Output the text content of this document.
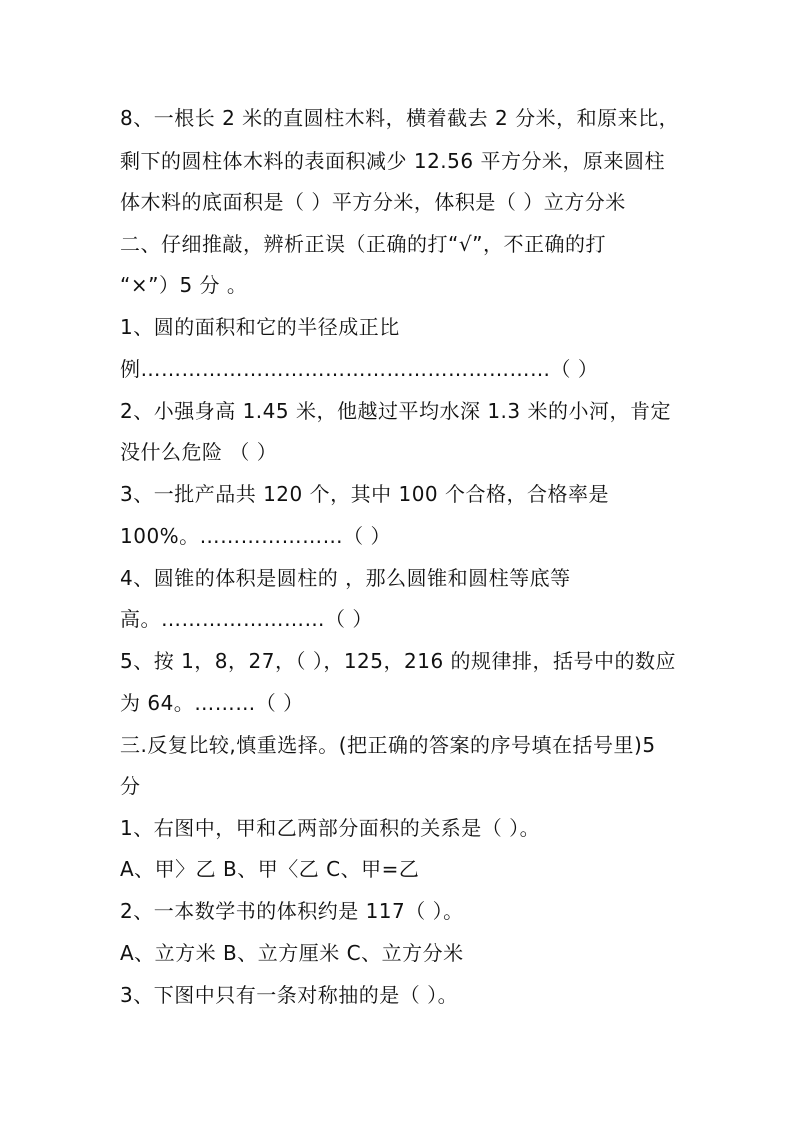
8、一根长 2 米的直圆柱木料，横着截去 2 分米，和原来比，
剩下的圆柱体木料的表面积减少 12.56 平方分米，原来圆柱
体木料的底面积是（ ）平方分米，体积是（ ）立方分米
二、仔细推敲，辨析正误（正确的打“√”，不正确的打
“×”）5 分 。
1、圆的面积和它的半径成正比
例……………………………………………………（ ）
2、小强身高 1.45 米，他越过平均水深 1.3 米的小河，肯定
没什么危险 （ ）
3、一批产品共 120 个，其中 100 个合格，合格率是
100%。…………………（ ）
4、圆锥的体积是圆柱的 ，那么圆锥和圆柱等底等
高。……………………（ ）
5、按 1，8，27，（ ），125，216 的规律排，括号中的数应
为 64。………（ ）
三.反复比较,慎重选择。(把正确的答案的序号填在括号里)5
分
1、右图中，甲和乙两部分面积的关系是（ ）。
A、甲〉乙 B、甲〈乙 C、甲=乙
2、一本数学书的体积约是 117（ ）。
A、立方米 B、立方厘米 C、立方分米
3、下图中只有一条对称抽的是（ ）。
